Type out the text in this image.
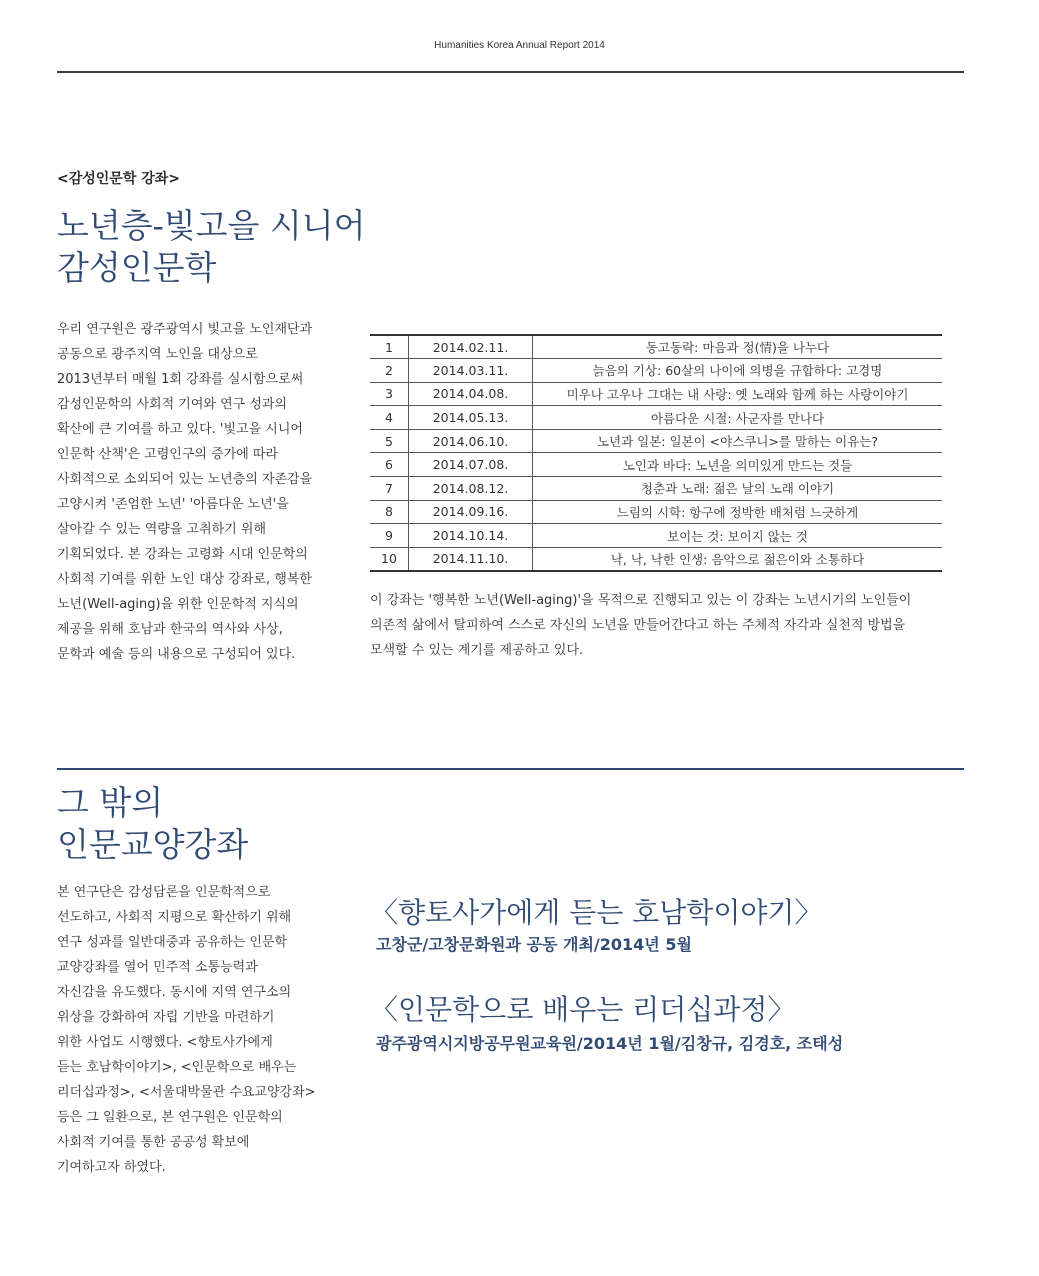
Humanities Korea Annual Report 2014
<감성인문학 강좌>
노년층-빛고을 시니어
감성인문학
우리 연구원은 광주광역시 빛고을 노인재단과
공동으로 광주지역 노인을 대상으로
2013년부터 매월 1회 강좌를 실시함으로써
감성인문학의 사회적 기여와 연구 성과의
확산에 큰 기여를 하고 있다. '빛고을 시니어
인문학 산책'은 고령인구의 증가에 따라
사회적으로 소외되어 있는 노년층의 자존감을
고양시켜 '존엄한 노년' '아름다운 노년'을
살아갈 수 있는 역량을 고취하기 위해
기획되었다. 본 강좌는 고령화 시대 인문학의
사회적 기여를 위한 노인 대상 강좌로, 행복한
노년(Well-aging)을 위한 인문학적 지식의
제공을 위해 호남과 한국의 역사와 사상,
문학과 예술 등의 내용으로 구성되어 있다.
1	2014.02.11.	동고동락: 마음과 정(情)을 나누다
2	2014.03.11.	늙음의 기상: 60살의 나이에 의병을 규합하다: 고경명
3	2014.04.08.	미우나 고우나 그대는 내 사랑: 옛 노래와 함께 하는 사랑이야기
4	2014.05.13.	아름다운 시절: 사군자를 만나다
5	2014.06.10.	노년과 일본: 일본이 <야스쿠니>를 말하는 이유는?
6	2014.07.08.	노인과 바다: 노년을 의미있게 만드는 것들
7	2014.08.12.	청춘과 노래: 젊은 날의 노래 이야기
8	2014.09.16.	느림의 시학: 항구에 정박한 배처럼 느긋하게
9	2014.10.14.	보이는 것: 보이지 않는 것
10	2014.11.10.	낙, 낙, 낙한 인생: 음악으로 젊은이와 소통하다
이 강좌는 '행복한 노년(Well-aging)'을 목적으로 진행되고 있는 이 강좌는 노년시기의 노인들이
의존적 삶에서 탈피하여 스스로 자신의 노년을 만들어간다고 하는 주체적 자각과 실천적 방법을
모색할 수 있는 계기를 제공하고 있다.
그 밖의
인문교양강좌
본 연구단은 감성담론을 인문학적으로
선도하고, 사회적 지평으로 확산하기 위해
연구 성과를 일반대중과 공유하는 인문학
교양강좌를 열어 민주적 소통능력과
자신감을 유도했다. 동시에 지역 연구소의
위상을 강화하여 자립 기반을 마련하기
위한 사업도 시행했다. <향토사가에게
듣는 호남학이야기>, <인문학으로 배우는
리더십과정>, <서울대박물관 수요교양강좌>
등은 그 일환으로, 본 연구원은 인문학의
사회적 기여를 통한 공공성 확보에
기여하고자 하였다.
〈향토사가에게 듣는 호남학이야기〉
고창군/고창문화원과 공동 개최/2014년 5월
〈인문학으로 배우는 리더십과정〉
광주광역시지방공무원교육원/2014년 1월/김창규, 김경호, 조태성
